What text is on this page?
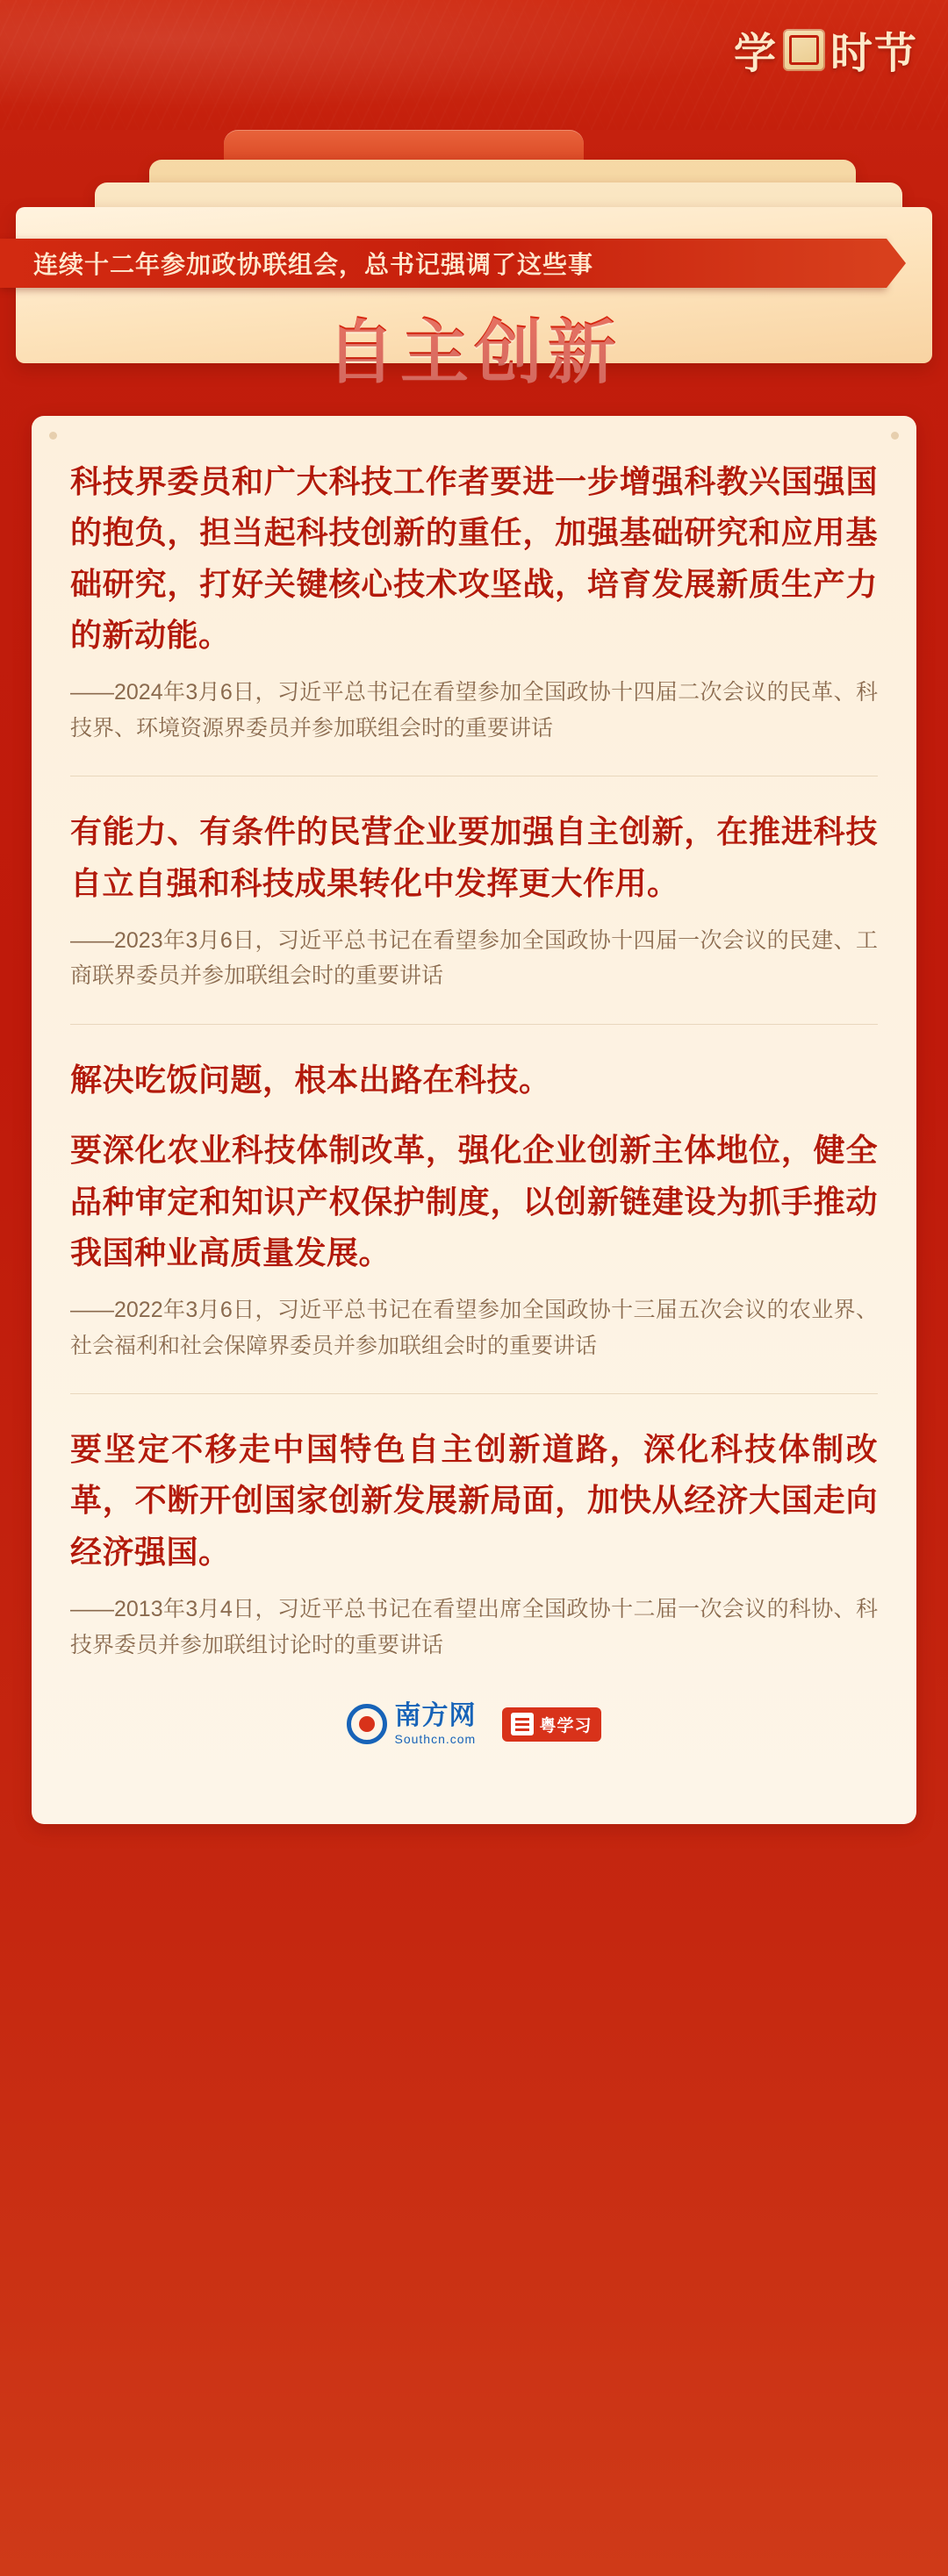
学 时节
连续十二年参加政协联组会，总书记强调了这些事
自主创新

科技界委员和广大科技工作者要进一步增强科教兴国强国的抱负，担当起科技创新的重任，加强基础研究和应用基础研究，打好关键核心技术攻坚战，培育发展新质生产力的新动能。

——2024年3月6日，习近平总书记在看望参加全国政协十四届二次会议的民革、科技界、环境资源界委员并参加联组会时的重要讲话

有能力、有条件的民营企业要加强自主创新，在推进科技自立自强和科技成果转化中发挥更大作用。

——2023年3月6日，习近平总书记在看望参加全国政协十四届一次会议的民建、工商联界委员并参加联组会时的重要讲话

解决吃饭问题，根本出路在科技。

要深化农业科技体制改革，强化企业创新主体地位，健全品种审定和知识产权保护制度，以创新链建设为抓手推动我国种业高质量发展。

——2022年3月6日，习近平总书记在看望参加全国政协十三届五次会议的农业界、社会福利和社会保障界委员并参加联组会时的重要讲话

要坚定不移走中国特色自主创新道路，深化科技体制改革，不断开创国家创新发展新局面，加快从经济大国走向经济强国。

——2013年3月4日，习近平总书记在看望出席全国政协十二届一次会议的科协、科技界委员并参加联组讨论时的重要讲话

南方网
Southcn.com
粤学习
